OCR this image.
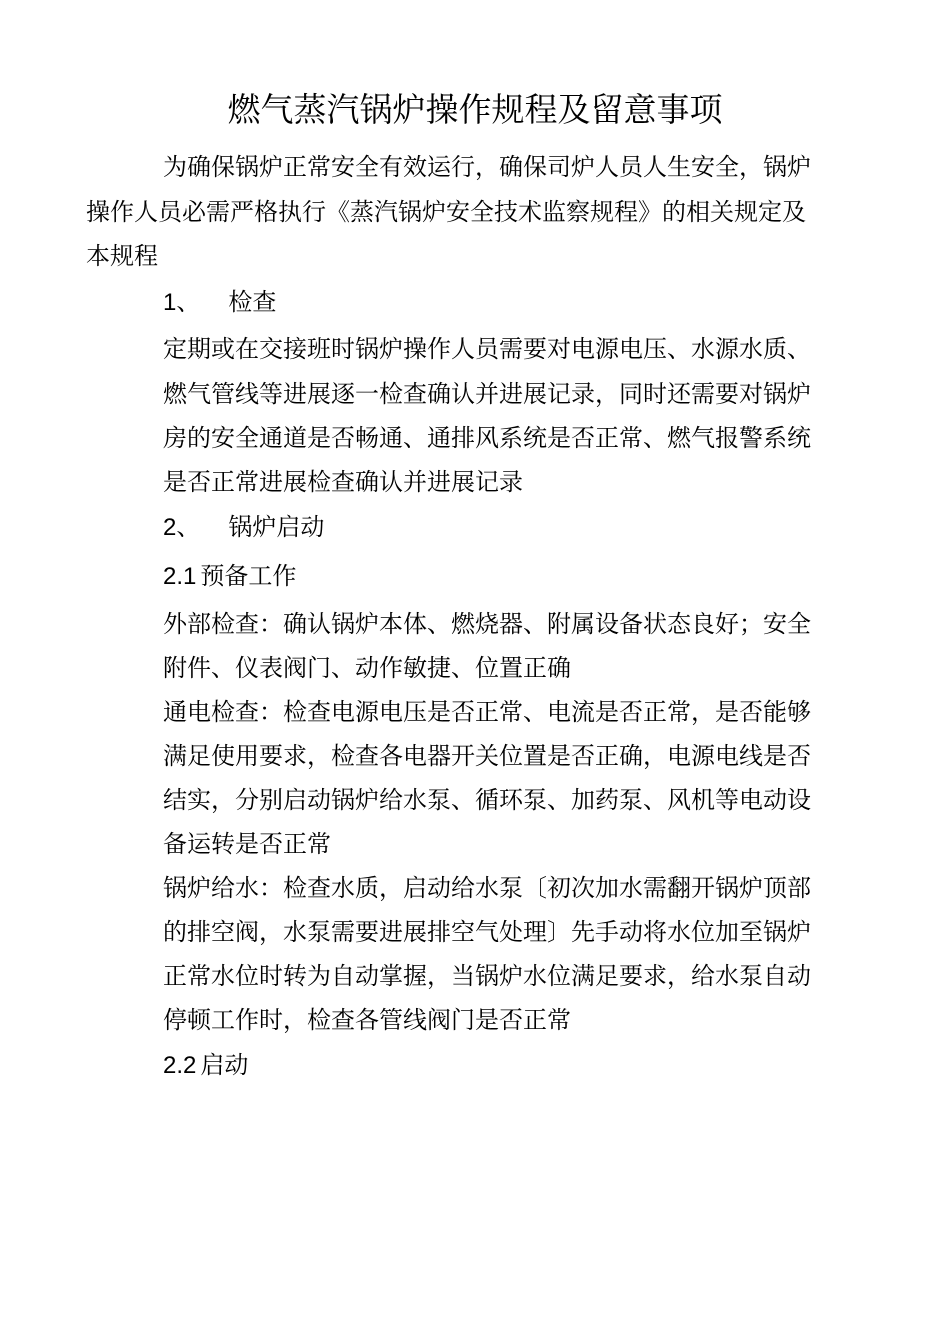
燃气蒸汽锅炉操作规程及留意事项

为确保锅炉正常安全有效运行，确保司炉人员人生安全，锅炉

操作人员必需严格执行《蒸汽锅炉安全技术监察规程》的相关规定及

本规程

1、 检查

定期或在交接班时锅炉操作人员需要对电源电压、水源水质、

燃气管线等进展逐一检查确认并进展记录，同时还需要对锅炉

房的安全通道是否畅通、通排风系统是否正常、燃气报警系统

是否正常进展检查确认并进展记录

2、 锅炉启动

2.1 预备工作

外部检查：确认锅炉本体、燃烧器、附属设备状态良好；安全

附件、仪表阀门、动作敏捷、位置正确

通电检查：检查电源电压是否正常、电流是否正常，是否能够

满足使用要求，检查各电器开关位置是否正确，电源电线是否

结实，分别启动锅炉给水泵、循环泵、加药泵、风机等电动设

备运转是否正常

锅炉给水：检查水质，启动给水泵〔初次加水需翻开锅炉顶部

的排空阀，水泵需要进展排空气处理〕先手动将水位加至锅炉

正常水位时转为自动掌握，当锅炉水位满足要求，给水泵自动

停顿工作时，检查各管线阀门是否正常

2.2 启动
